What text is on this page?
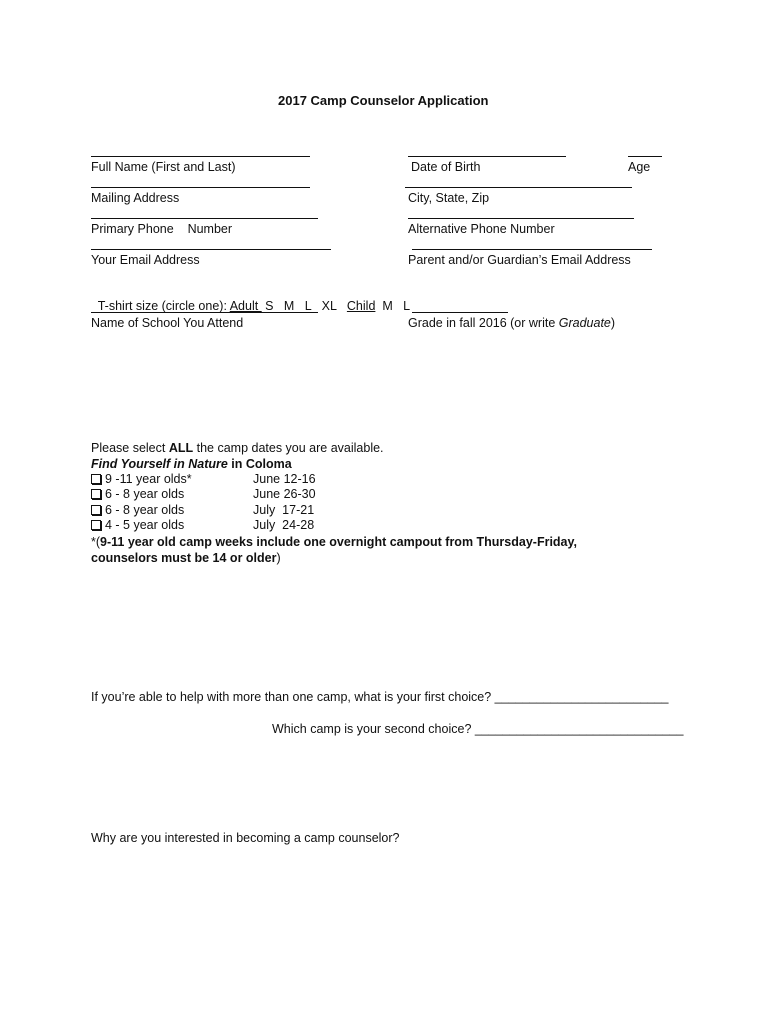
2017 Camp Counselor Application
Full Name (First and Last)	Date of Birth	Age
Mailing Address	City, State, Zip
Primary Phone    Number	Alternative Phone Number
Your Email Address	Parent and/or Guardian’s Email Address

T-shirt size (circle one): Adult  S   M   L   XL   Child  M   L

Name of School You Attend	Grade in fall 2016 (or write Graduate)
Please select ALL the camp dates you are available.
Find Yourself in Nature in Coloma
9 -11 year olds*	June 12-16
6 - 8 year olds	June 26-30
6 - 8 year olds	July  17-21
4 - 5 year olds	July  24-28
*(9-11 year old camp weeks include one overnight campout from Thursday-Friday,
counselors must be 14 or older)
If you’re able to help with more than one camp, what is your first choice? _________________________
Which camp is your second choice? ______________________________
Why are you interested in becoming a camp counselor?
